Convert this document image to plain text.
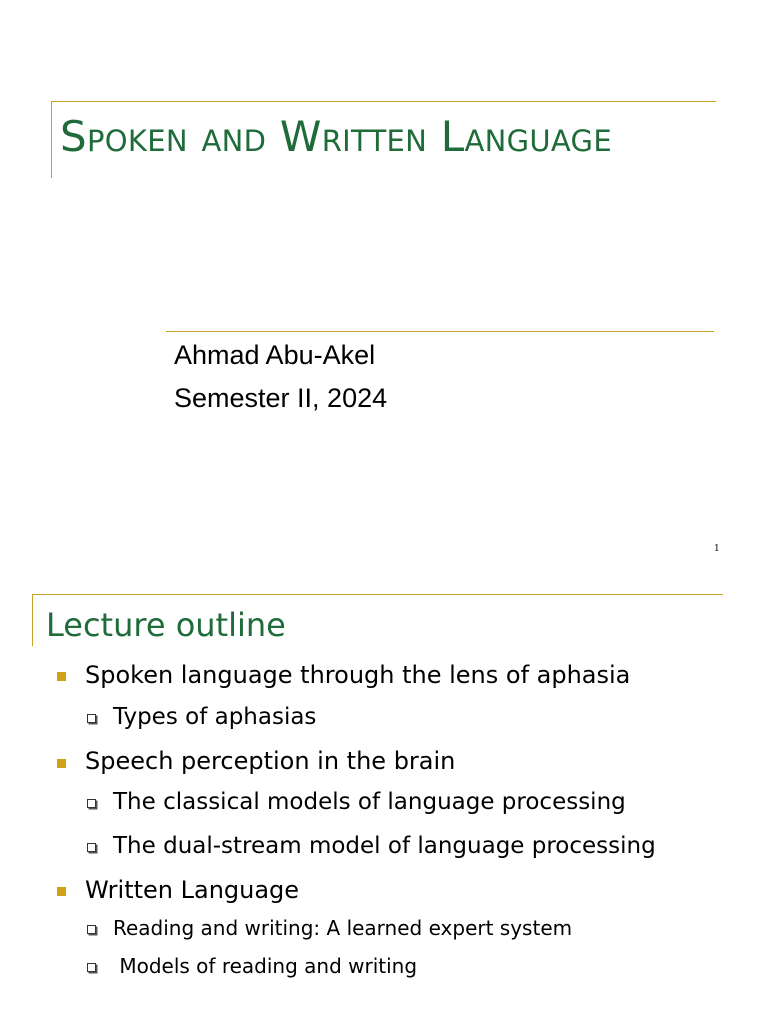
Spoken and Written Language

Ahmad Abu-Akel

Semester II, 2024

1
Lecture outline
Spoken language through the lens of aphasia
Types of aphasias
Speech perception in the brain
The classical models of language processing
The dual-stream model of language processing
Written Language
Reading and writing: A learned expert system
Models of reading and writing
